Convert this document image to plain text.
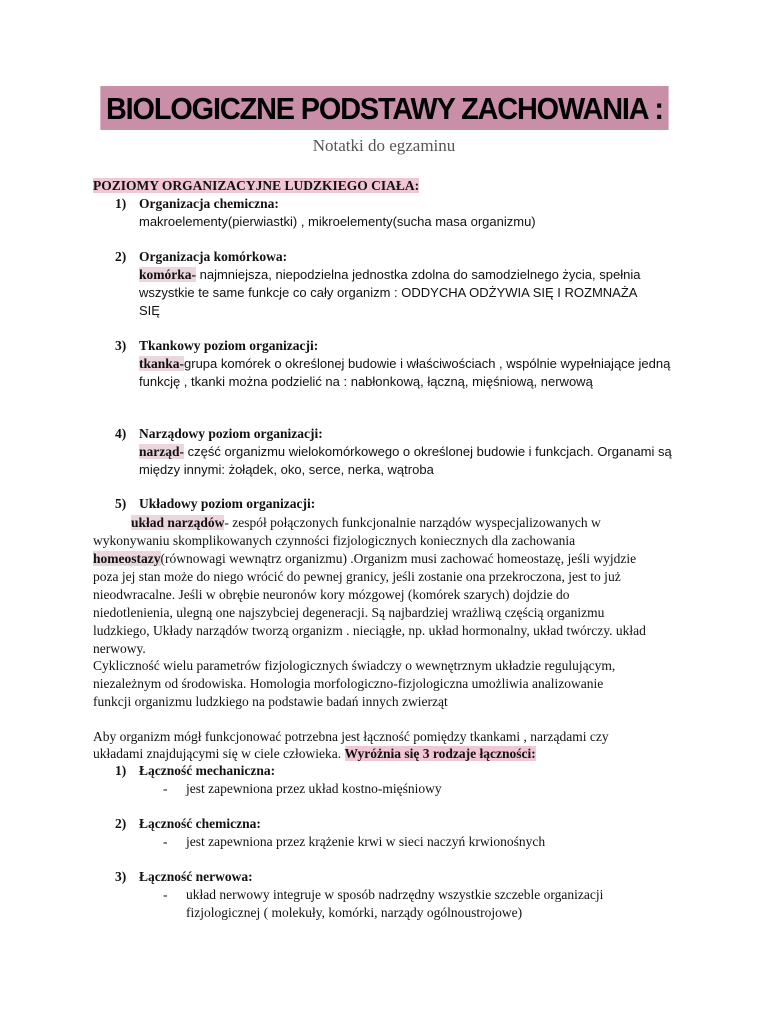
BIOLOGICZNE PODSTAWY ZACHOWANIA :
Notatki do egzaminu
POZIOMY ORGANIZACYJNE LUDZKIEGO CIAŁA:
1) Organizacja chemiczna:
makroelementy(pierwiastki) , mikroelementy(sucha masa organizmu)
2) Organizacja komórkowa:
komórka- najmniejsza, niepodzielna jednostka zdolna do samodzielnego życia, spełnia
wszystkie te same funkcje co cały organizm : ODDYCHA ODŻYWIA SIĘ I ROZMNAŻA
SIĘ
3) Tkankowy poziom organizacji:
tkanka-grupa komórek o określonej budowie i właściwościach , wspólnie wypełniające jedną
funkcję , tkanki można podzielić na : nabłonkową, łączną, mięśniową, nerwową
4) Narządowy poziom organizacji:
narząd- część organizmu wielokomórkowego o określonej budowie i funkcjach. Organami są
między innymi: żołądek, oko, serce, nerka, wątroba
5) Układowy poziom organizacji:
układ narządów- zespół połączonych funkcjonalnie narządów wyspecjalizowanych w
wykonywaniu skomplikowanych czynności fizjologicznych koniecznych dla zachowania
homeostazy(równowagi wewnątrz organizmu) .Organizm musi zachować homeostazę, jeśli wyjdzie
poza jej stan może do niego wrócić do pewnej granicy, jeśli zostanie ona przekroczona, jest to już
nieodwracalne. Jeśli w obrębie neuronów kory mózgowej (komórek szarych) dojdzie do
niedotlenienia, ulegną one najszybciej degeneracji. Są najbardziej wrażliwą częścią organizmu
ludzkiego, Układy narządów tworzą organizm . nieciągłe, np. układ hormonalny, układ twórczy. układ
nerwowy.
Cykliczność wielu parametrów fizjologicznych świadczy o wewnętrznym układzie regulującym,
niezależnym od środowiska. Homologia morfologiczno-fizjologiczna umożliwia analizowanie
funkcji organizmu ludzkiego na podstawie badań innych zwierząt
Aby organizm mógł funkcjonować potrzebna jest łączność pomiędzy tkankami , narządami czy
układami znajdującymi się w ciele człowieka. Wyróżnia się 3 rodzaje łączności:
1) Łączność mechaniczna:
- jest zapewniona przez układ kostno-mięśniowy
2) Łączność chemiczna:
- jest zapewniona przez krążenie krwi w sieci naczyń krwionośnych
3) Łączność nerwowa:
- układ nerwowy integruje w sposób nadrzędny wszystkie szczeble organizacji
fizjologicznej ( molekuły, komórki, narządy ogólnoustrojowe)
